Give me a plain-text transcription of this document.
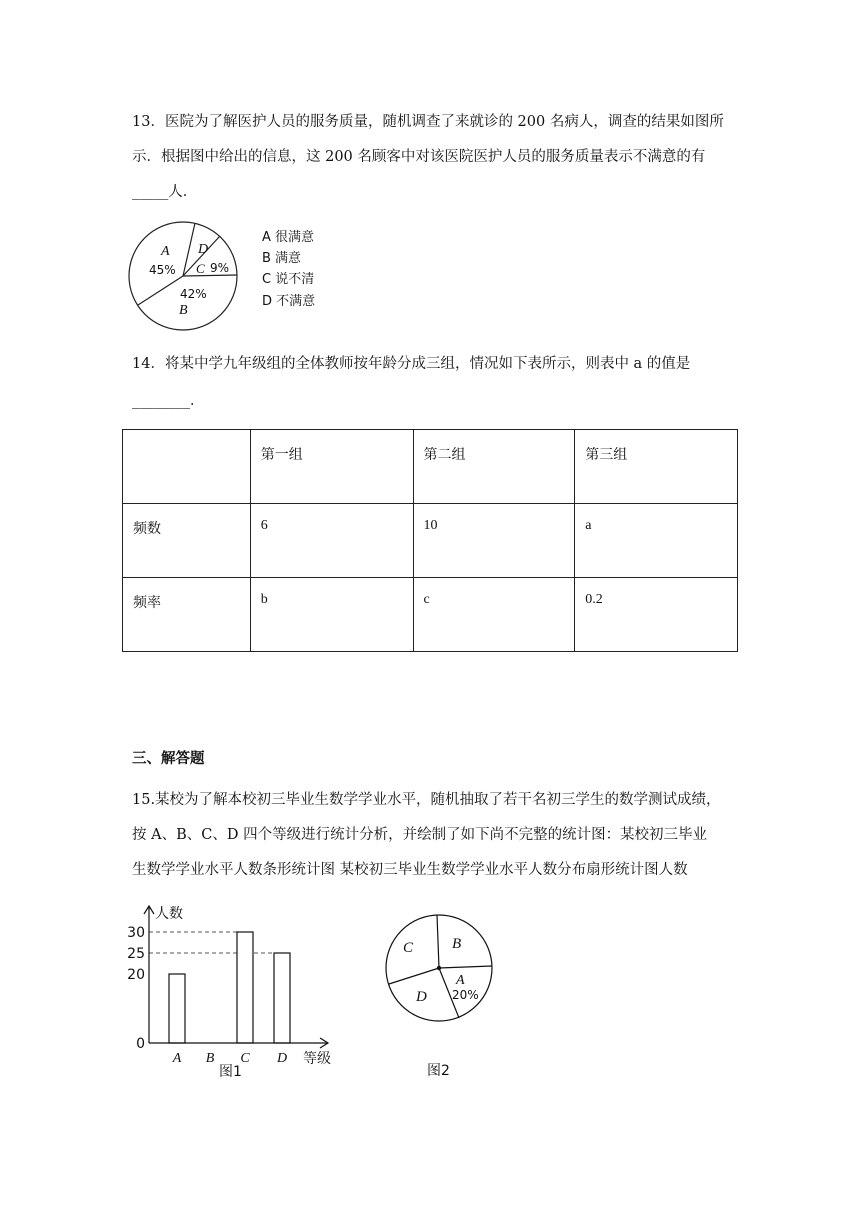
13．医院为了解医护人员的服务质量，随机调查了来就诊的 200 名病人，调查的结果如图所

示．根据图中给出的信息，这 200 名顾客中对该医院医护人员的服务质量表示不满意的有

_____人．

A
45%
D
C 9%
42%
B
A 很满意
B 满意
C 说不清
D 不满意

14．将某中学九年级组的全体教师按年龄分成三组，情况如下表所示，则表中 a 的值是

________．

	第一组	第二组	第三组
频数	6	10	a
频率	b	c	0.2

三、解答题

15.某校为了解本校初三毕业生数学学业水平，随机抽取了若干名初三学生的数学测试成绩，

按 A、B、C、D 四个等级进行统计分析，并绘制了如下尚不完整的统计图：某校初三毕业

生数学学业水平人数条形统计图 某校初三毕业生数学学业水平人数分布扇形统计图人数

0
20
25
30
A B C D
人数
等级
图1
C	B
A
20%
D
图2
